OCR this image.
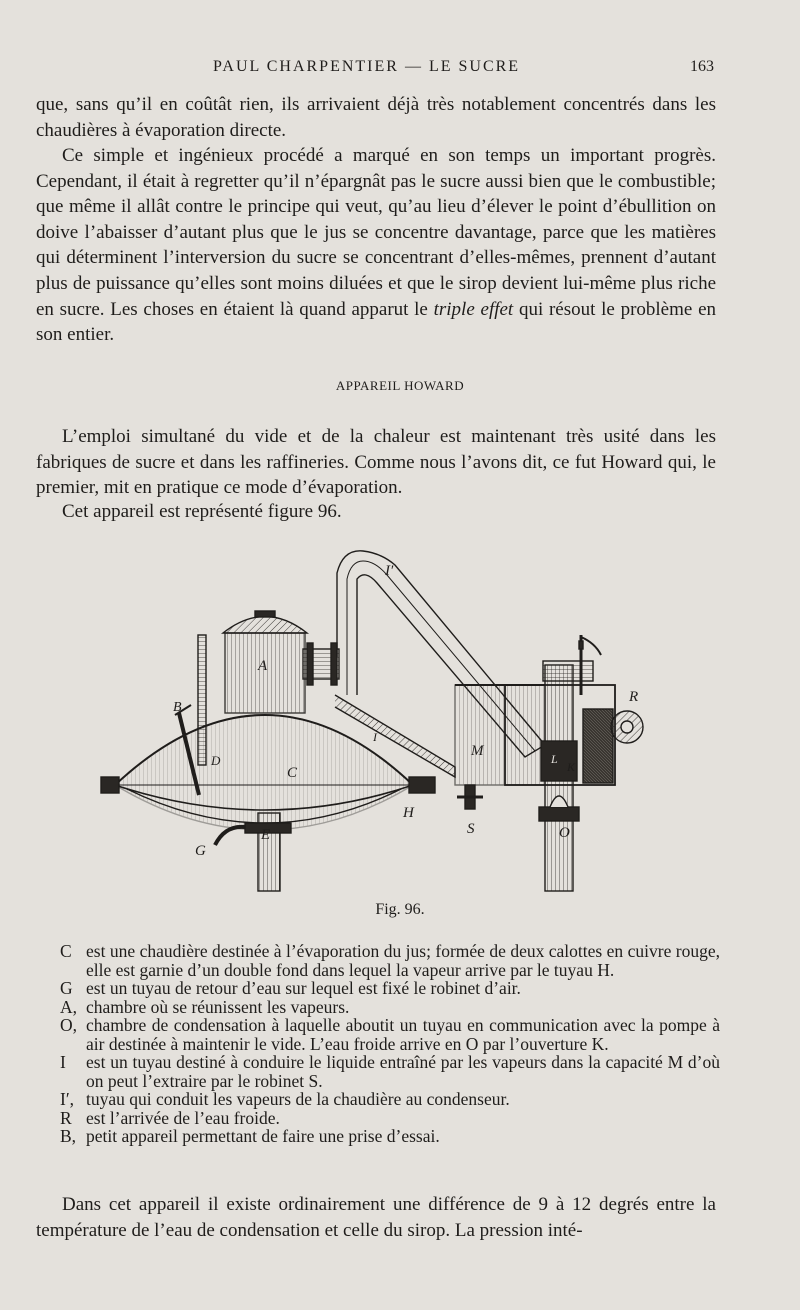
PAUL CHARPENTIER — LE SUCRE	163

que, sans qu’il en coûtât rien, ils arrivaient déjà très notablement concentrés dans les chaudières à évaporation directe.

Ce simple et ingénieux procédé a marqué en son temps un important progrès. Cependant, il était à regretter qu’il n’épargnât pas le sucre aussi bien que le combustible; que même il allât contre le principe qui veut, qu’au lieu d’élever le point d’ébullition on doive l’abaisser d’autant plus que le jus se concentre davantage, parce que les matières qui déterminent l’interversion du sucre se concentrant d’elles-mêmes, prennent d’autant plus de puissance qu’elles sont moins diluées et que le sirop devient lui-même plus riche en sucre. Les choses en étaient là quand apparut le triple effet qui résout le problème en son entier.

APPAREIL HOWARD

L’emploi simultané du vide et de la chaleur est maintenant très usité dans les fabriques de sucre et dans les raffineries. Comme nous l’avons dit, ce fut Howard qui, le premier, mit en pratique ce mode d’évaporation.

Cet appareil est représenté figure 96.

A
B
C
D
E
G
H
I
I′
M	L
K
S	O
R
Fig. 96.
C est une chaudière destinée à l’évaporation du jus; formée de deux calottes en cuivre rouge, elle est garnie d’un double fond dans lequel la vapeur arrive par le tuyau H.
G est un tuyau de retour d’eau sur lequel est fixé le robinet d’air.
A, chambre où se réunissent les vapeurs.
O, chambre de condensation à laquelle aboutit un tuyau en communication avec la pompe à air destinée à maintenir le vide. L’eau froide arrive en O par l’ouverture K.
I	est un tuyau destiné à conduire le liquide entraîné par les vapeurs dans la capacité M d’où on peut l’extraire par le robinet S.
I′, tuyau qui conduit les vapeurs de la chaudière au condenseur.
R est l’arrivée de l’eau froide.
B, petit appareil permettant de faire une prise d’essai.

Dans cet appareil il existe ordinairement une différence de 9 à 12 degrés entre la température de l’eau de condensation et celle du sirop. La pression inté-
